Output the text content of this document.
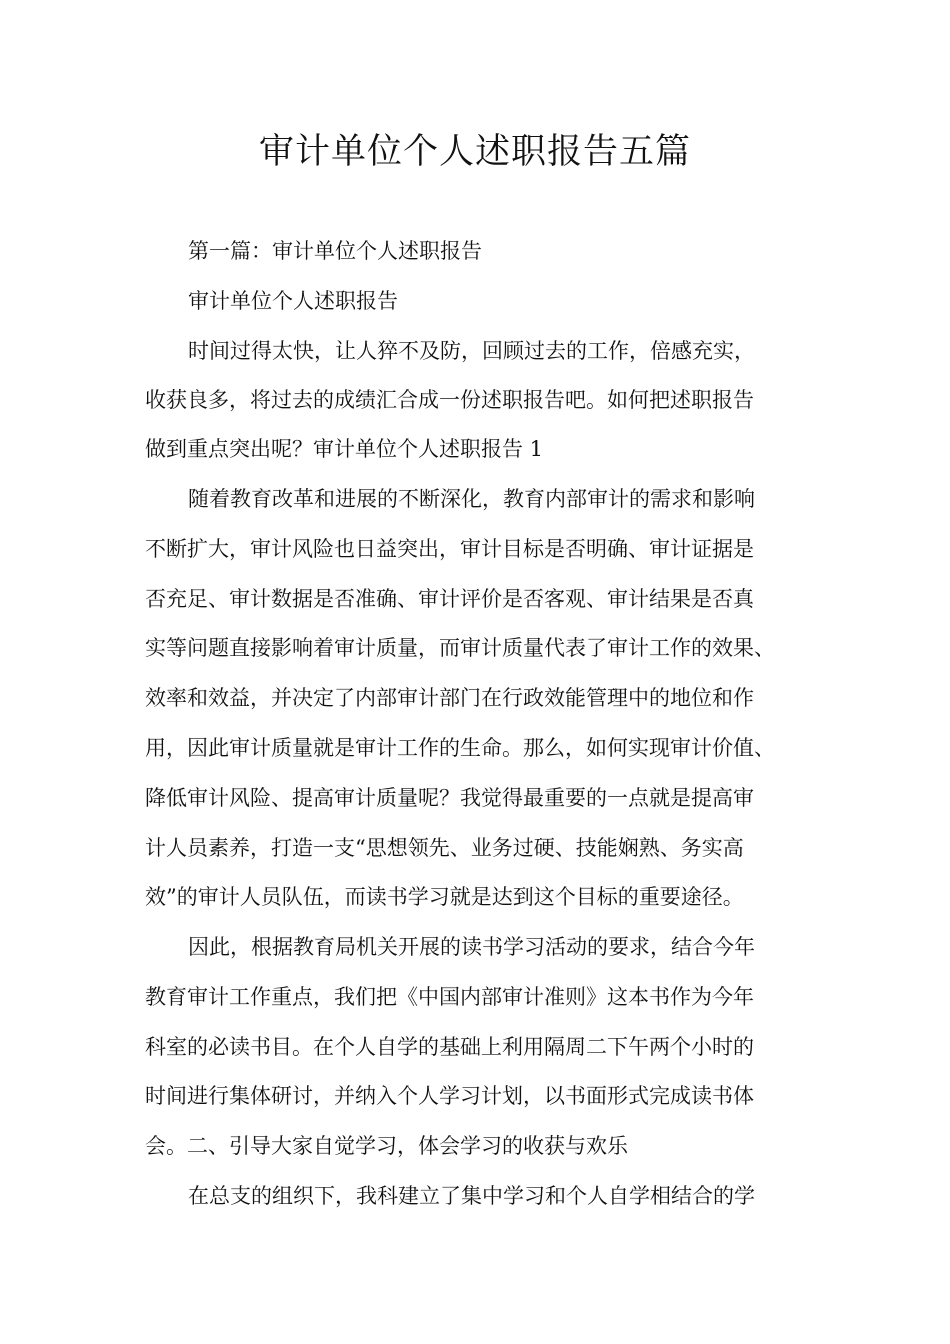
审计单位个人述职报告五篇

第一篇：审计单位个人述职报告

审计单位个人述职报告

时间过得太快，让人猝不及防，回顾过去的工作，倍感充实，

收获良多，将过去的成绩汇合成一份述职报告吧。如何把述职报告

做到重点突出呢？审计单位个人述职报告 1

随着教育改革和进展的不断深化，教育内部审计的需求和影响

不断扩大，审计风险也日益突出，审计目标是否明确、审计证据是

否充足、审计数据是否准确、审计评价是否客观、审计结果是否真

实等问题直接影响着审计质量，而审计质量代表了审计工作的效果、

效率和效益，并决定了内部审计部门在行政效能管理中的地位和作

用，因此审计质量就是审计工作的生命。那么，如何实现审计价值、

降低审计风险、提高审计质量呢？我觉得最重要的一点就是提高审

计人员素养，打造一支“思想领先、业务过硬、技能娴熟、务实高

效”的审计人员队伍，而读书学习就是达到这个目标的重要途径。

因此，根据教育局机关开展的读书学习活动的要求，结合今年

教育审计工作重点，我们把《中国内部审计准则》这本书作为今年

科室的必读书目。在个人自学的基础上利用隔周二下午两个小时的

时间进行集体研讨，并纳入个人学习计划，以书面形式完成读书体

会。二、引导大家自觉学习，体会学习的收获与欢乐

在总支的组织下，我科建立了集中学习和个人自学相结合的学
